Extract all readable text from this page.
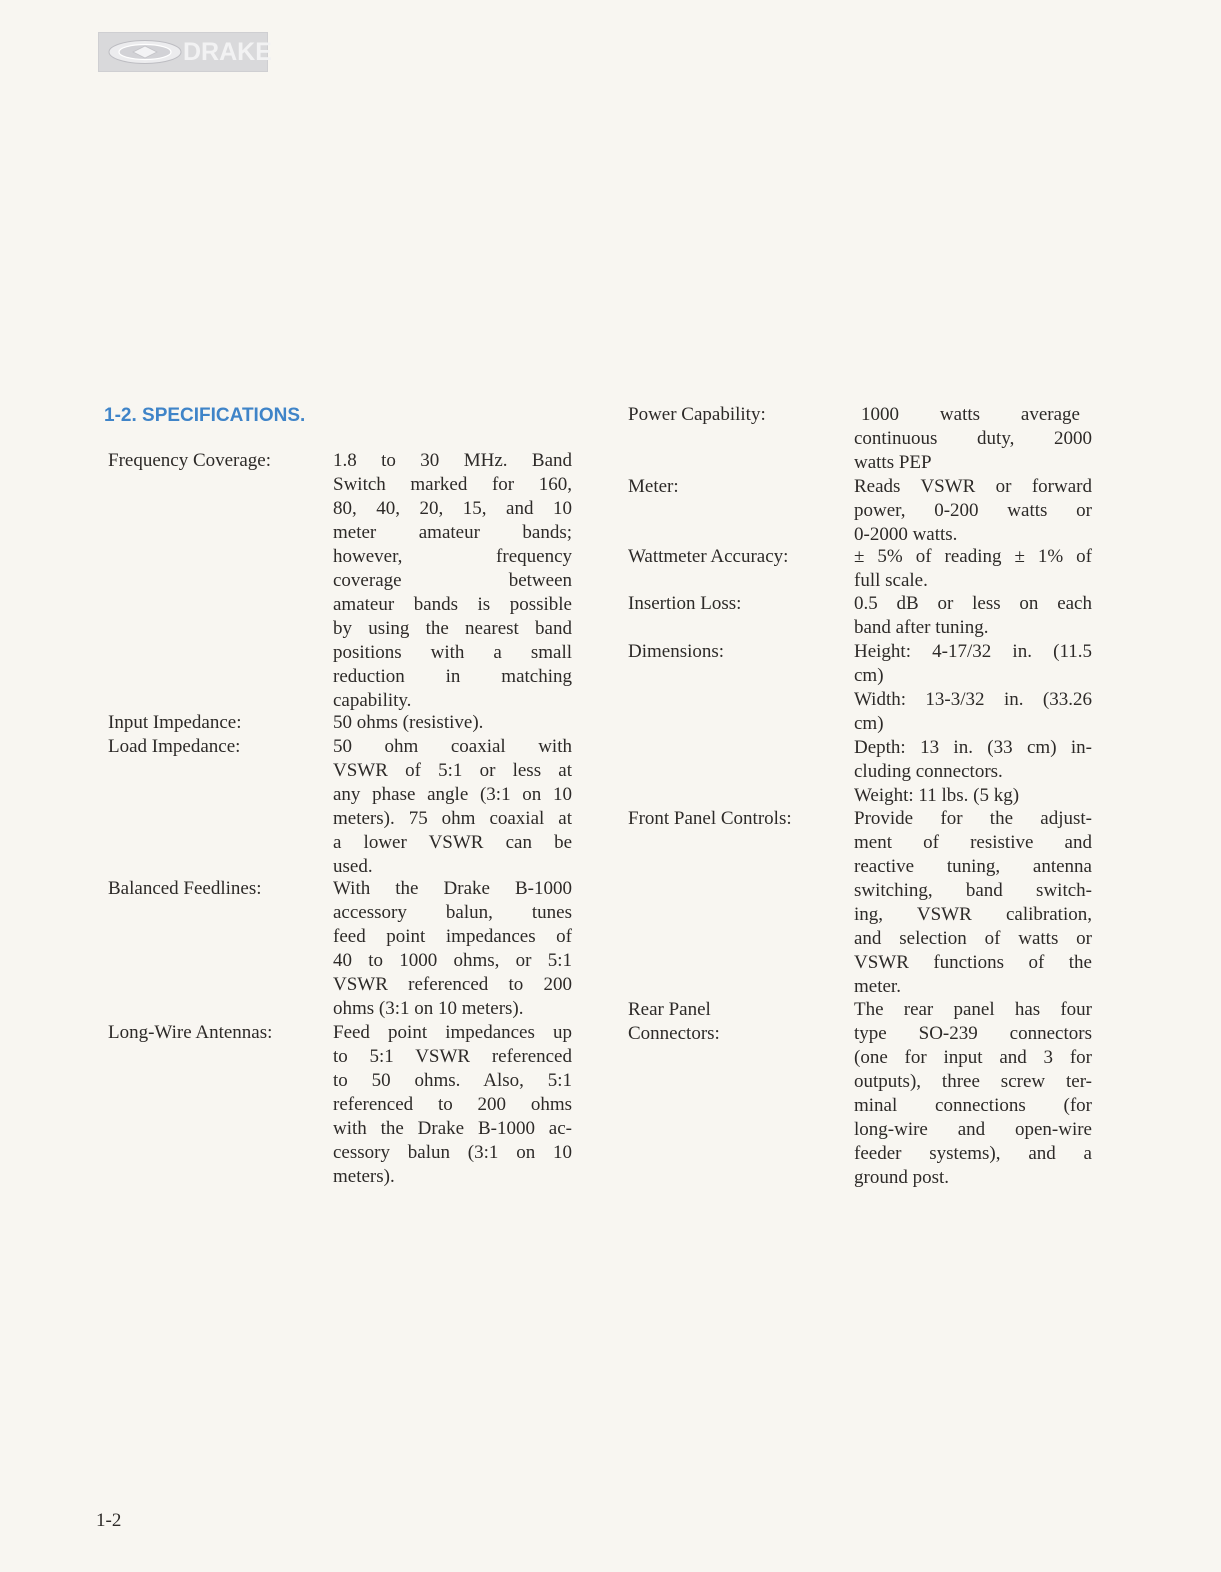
DRAKE
1-2. SPECIFICATIONS.
Frequency Coverage:	1.8 to 30 MHz. Band
Switch marked for 160,
80, 40, 20, 15, and 10
meter amateur bands;
however, frequency
coverage between
amateur bands is possible
by using the nearest band
positions with a small
reduction in matching
capability.
Input Impedance:	50 ohms (resistive).
Load Impedance:	50 ohm coaxial with
VSWR of 5:1 or less at
any phase angle (3:1 on 10
meters). 75 ohm coaxial at
a lower VSWR can be
used.
Balanced Feedlines:	With the Drake B-1000
accessory balun, tunes
feed point impedances of
40 to 1000 ohms, or 5:1
VSWR referenced to 200
ohms (3:1 on 10 meters).
Long-Wire Antennas:	Feed point impedances up
to 5:1 VSWR referenced
to 50 ohms. Also, 5:1
referenced to 200 ohms
with the Drake B-1000 ac-
cessory balun (3:1 on 10
meters).
Power Capability:	1000 watts average
continuous duty, 2000
watts PEP
Meter:	Reads VSWR or forward
power, 0-200 watts or
0-2000 watts.
Wattmeter Accuracy:	± 5% of reading ± 1% of
full scale.
Insertion Loss:	0.5 dB or less on each
band after tuning.
Dimensions:	Height: 4-17/32 in. (11.5
cm)
Width: 13-3/32 in. (33.26
cm)
Depth: 13 in. (33 cm) in-
cluding connectors.
Weight: 11 lbs. (5 kg)
Front Panel Controls:	Provide for the adjust-
ment of resistive and
reactive tuning, antenna
switching, band switch-
ing, VSWR calibration,
and selection of watts or
VSWR functions of the
meter.
Rear Panel
Connectors:
The rear panel has four
type SO-239 connectors
(one for input and 3 for
outputs), three screw ter-
minal connections (for
long-wire and open-wire
feeder systems), and a
ground post.
1-2
